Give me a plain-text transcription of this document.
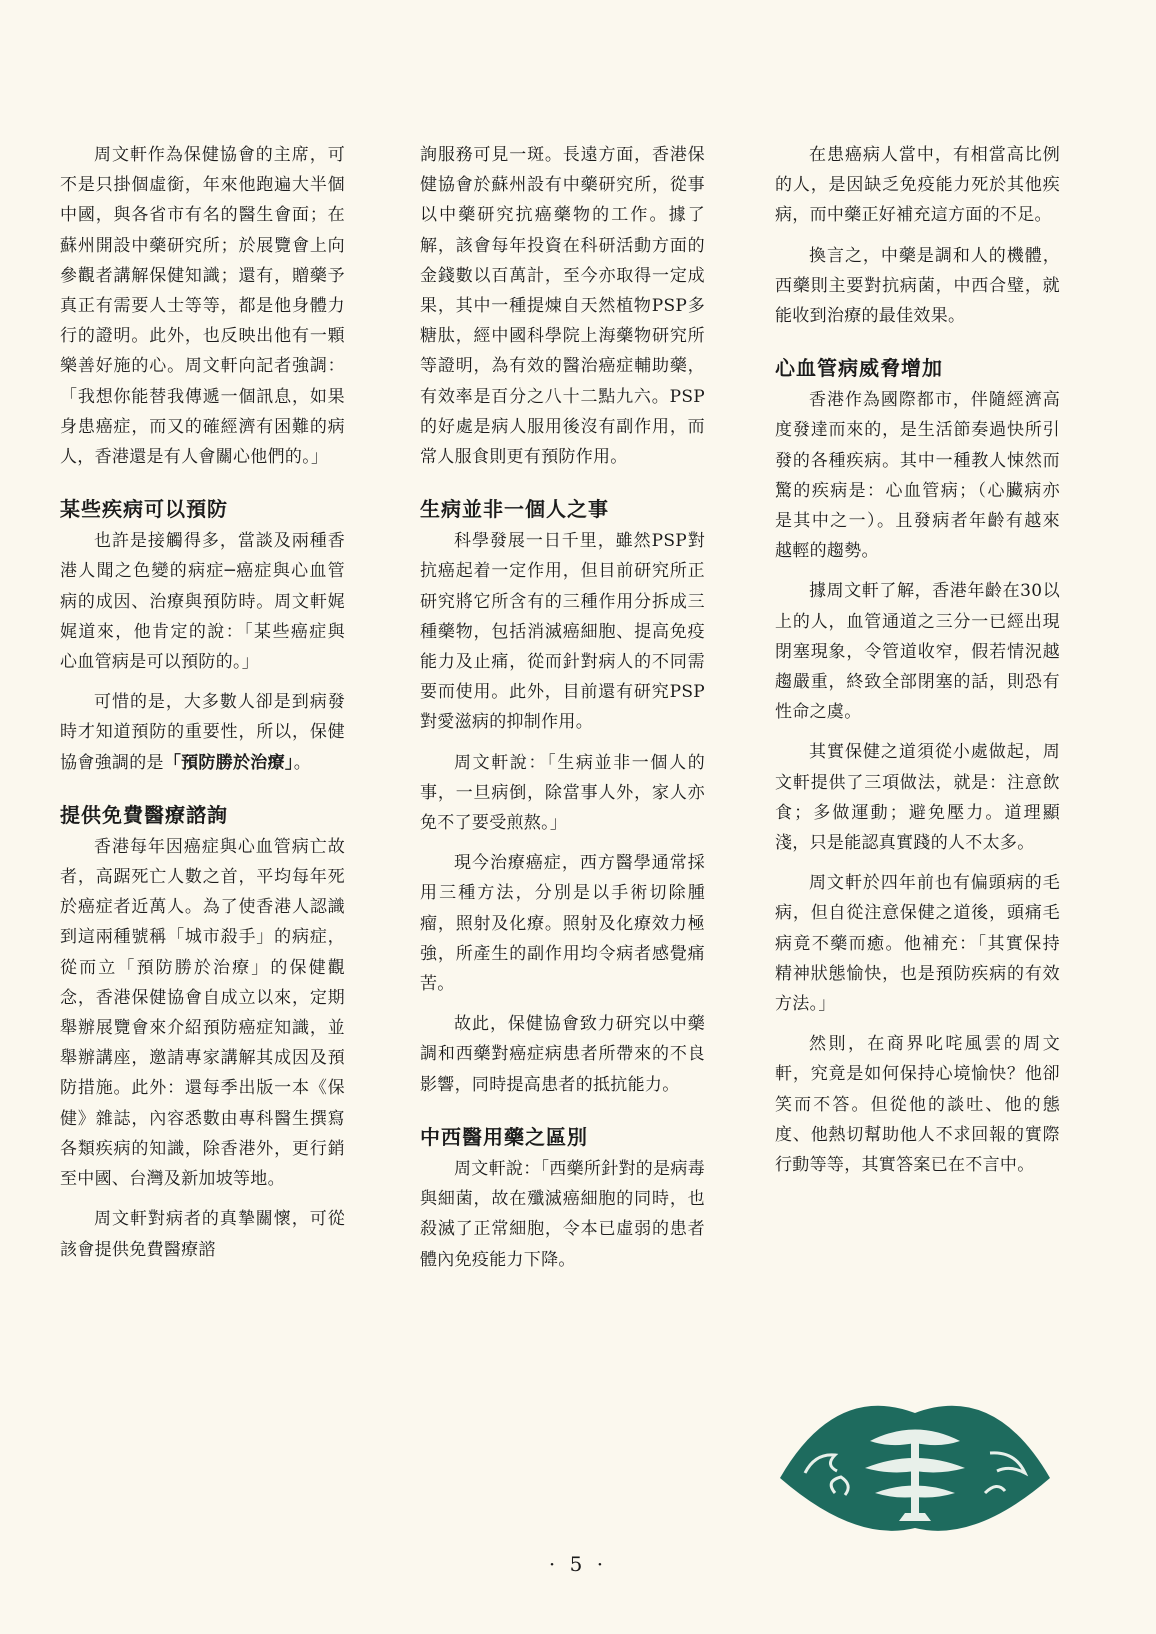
周文軒作為保健協會的主席，可不是只掛個虛銜，年來他跑遍大半個中國，與各省市有名的醫生會面；在蘇州開設中藥研究所；於展覽會上向參觀者講解保健知識；還有，贈藥予真正有需要人士等等，都是他身體力行的證明。此外，也反映出他有一顆樂善好施的心。周文軒向記者強調：「我想你能替我傳遞一個訊息，如果身患癌症，而又的確經濟有困難的病人，香港還是有人會關心他們的。」

某些疾病可以預防

也許是接觸得多，當談及兩種香港人聞之色變的病症─癌症與心血管病的成因、治療與預防時。周文軒娓娓道來，他肯定的說：「某些癌症與心血管病是可以預防的。」

可惜的是，大多數人卻是到病發時才知道預防的重要性，所以，保健協會強調的是「預防勝於治療」。

提供免費醫療諮詢

香港每年因癌症與心血管病亡故者，高踞死亡人數之首，平均每年死於癌症者近萬人。為了使香港人認識到這兩種號稱「城市殺手」的病症，從而立「預防勝於治療」的保健觀念，香港保健協會自成立以來，定期舉辦展覽會來介紹預防癌症知識，並舉辦講座，邀請專家講解其成因及預防措施。此外：還每季出版一本《保健》雜誌，內容悉數由專科醫生撰寫各類疾病的知識，除香港外，更行銷至中國、台灣及新加坡等地。

周文軒對病者的真摯關懷，可從該會提供免費醫療諮

詢服務可見一斑。長遠方面，香港保健協會於蘇州設有中藥研究所，從事以中藥研究抗癌藥物的工作。據了解，該會每年投資在科研活動方面的金錢數以百萬計，至今亦取得一定成果，其中一種提煉自天然植物PSP多糖肽，經中國科學院上海藥物研究所等證明，為有效的醫治癌症輔助藥，有效率是百分之八十二點九六。PSP的好處是病人服用後沒有副作用，而常人服食則更有預防作用。

生病並非一個人之事

科學發展一日千里，雖然PSP對抗癌起着一定作用，但目前研究所正研究將它所含有的三種作用分拆成三種藥物，包括消滅癌細胞、提高免疫能力及止痛，從而針對病人的不同需要而使用。此外，目前還有研究PSP對愛滋病的抑制作用。

周文軒說：「生病並非一個人的事，一旦病倒，除當事人外，家人亦免不了要受煎熬。」

現今治療癌症，西方醫學通常採用三種方法，分別是以手術切除腫瘤，照射及化療。照射及化療效力極強，所產生的副作用均令病者感覺痛苦。

故此，保健協會致力研究以中藥調和西藥對癌症病患者所帶來的不良影響，同時提高患者的抵抗能力。

中西醫用藥之區別

周文軒說：「西藥所針對的是病毒與細菌，故在殲滅癌細胞的同時，也殺滅了正常細胞，令本已虛弱的患者體內免疫能力下降。

在患癌病人當中，有相當高比例的人，是因缺乏免疫能力死於其他疾病，而中藥正好補充這方面的不足。

換言之，中藥是調和人的機體，西藥則主要對抗病菌，中西合璧，就能收到治療的最佳效果。

心血管病威脅增加

香港作為國際都市，伴隨經濟高度發達而來的，是生活節奏過快所引發的各種疾病。其中一種教人悚然而驚的疾病是：心血管病；（心臟病亦是其中之一）。且發病者年齡有越來越輕的趨勢。

據周文軒了解，香港年齡在30以上的人，血管通道之三分一已經出現閉塞現象，令管道收窄，假若情況越趨嚴重，終致全部閉塞的話，則恐有性命之虞。

其實保健之道須從小處做起，周文軒提供了三項做法，就是：注意飲食；多做運動；避免壓力。道理顯淺，只是能認真實踐的人不太多。

周文軒於四年前也有偏頭病的毛病，但自從注意保健之道後，頭痛毛病竟不藥而癒。他補充：「其實保持精神狀態愉快，也是預防疾病的有效方法。」

然則，在商界叱咤風雲的周文軒，究竟是如何保持心境愉快？他卻笑而不答。但從他的談吐、他的態度、他熱切幫助他人不求回報的實際行動等等，其實答案已在不言中。

· 5 ·
